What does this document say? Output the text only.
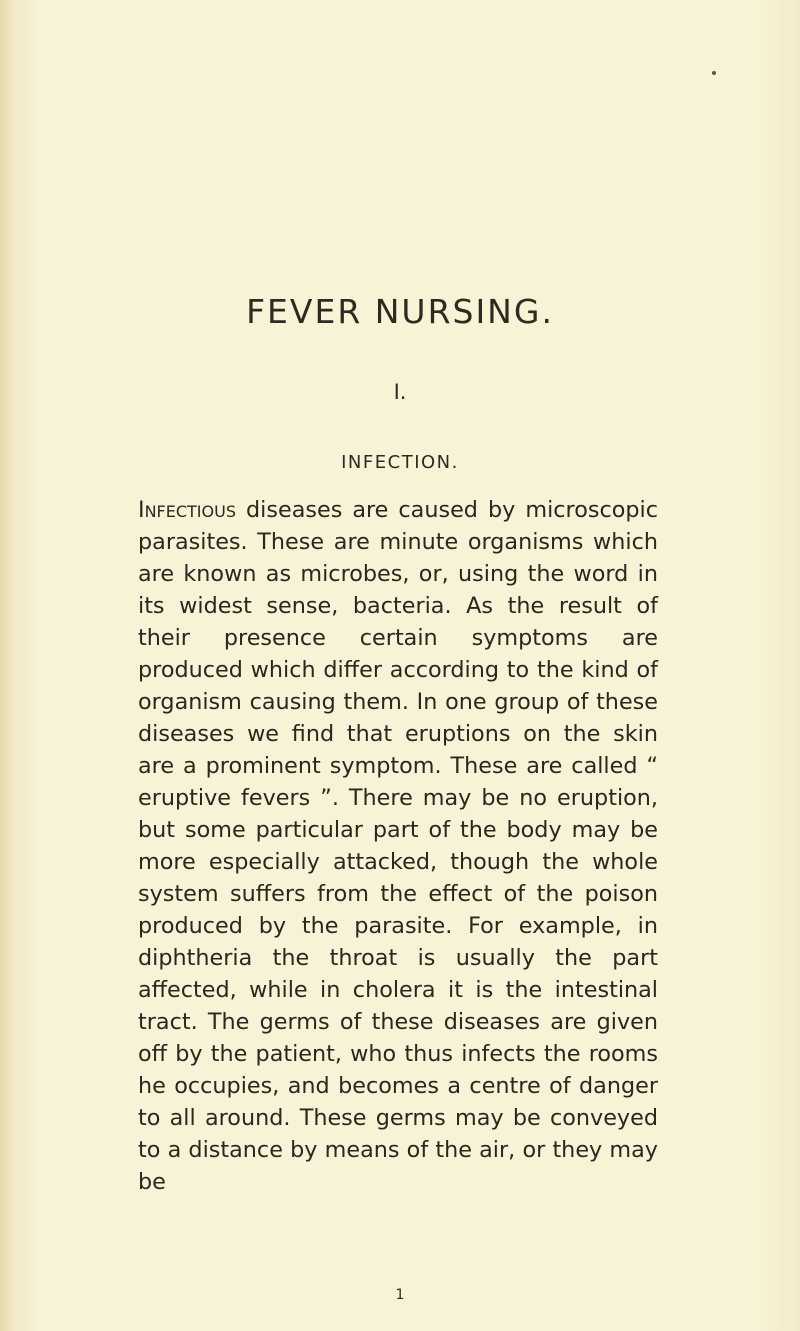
FEVER NURSING.
I.
INFECTION.

Infectious diseases are caused by microscopic parasites. These are minute organisms which are known as microbes, or, using the word in its widest sense, bacteria. As the result of their presence certain symptoms are produced which differ according to the kind of organism causing them. In one group of these diseases we find that eruptions on the skin are a prominent symptom. These are called “ eruptive fevers ”. There may be no eruption, but some particular part of the body may be more especially attacked, though the whole system suffers from the effect of the poison produced by the parasite. For example, in diphtheria the throat is usually the part affected, while in cholera it is the intestinal tract. The germs of these diseases are given off by the patient, who thus infects the rooms he occupies, and becomes a centre of danger to all around. These germs may be conveyed to a distance by means of the air, or they may be

1
